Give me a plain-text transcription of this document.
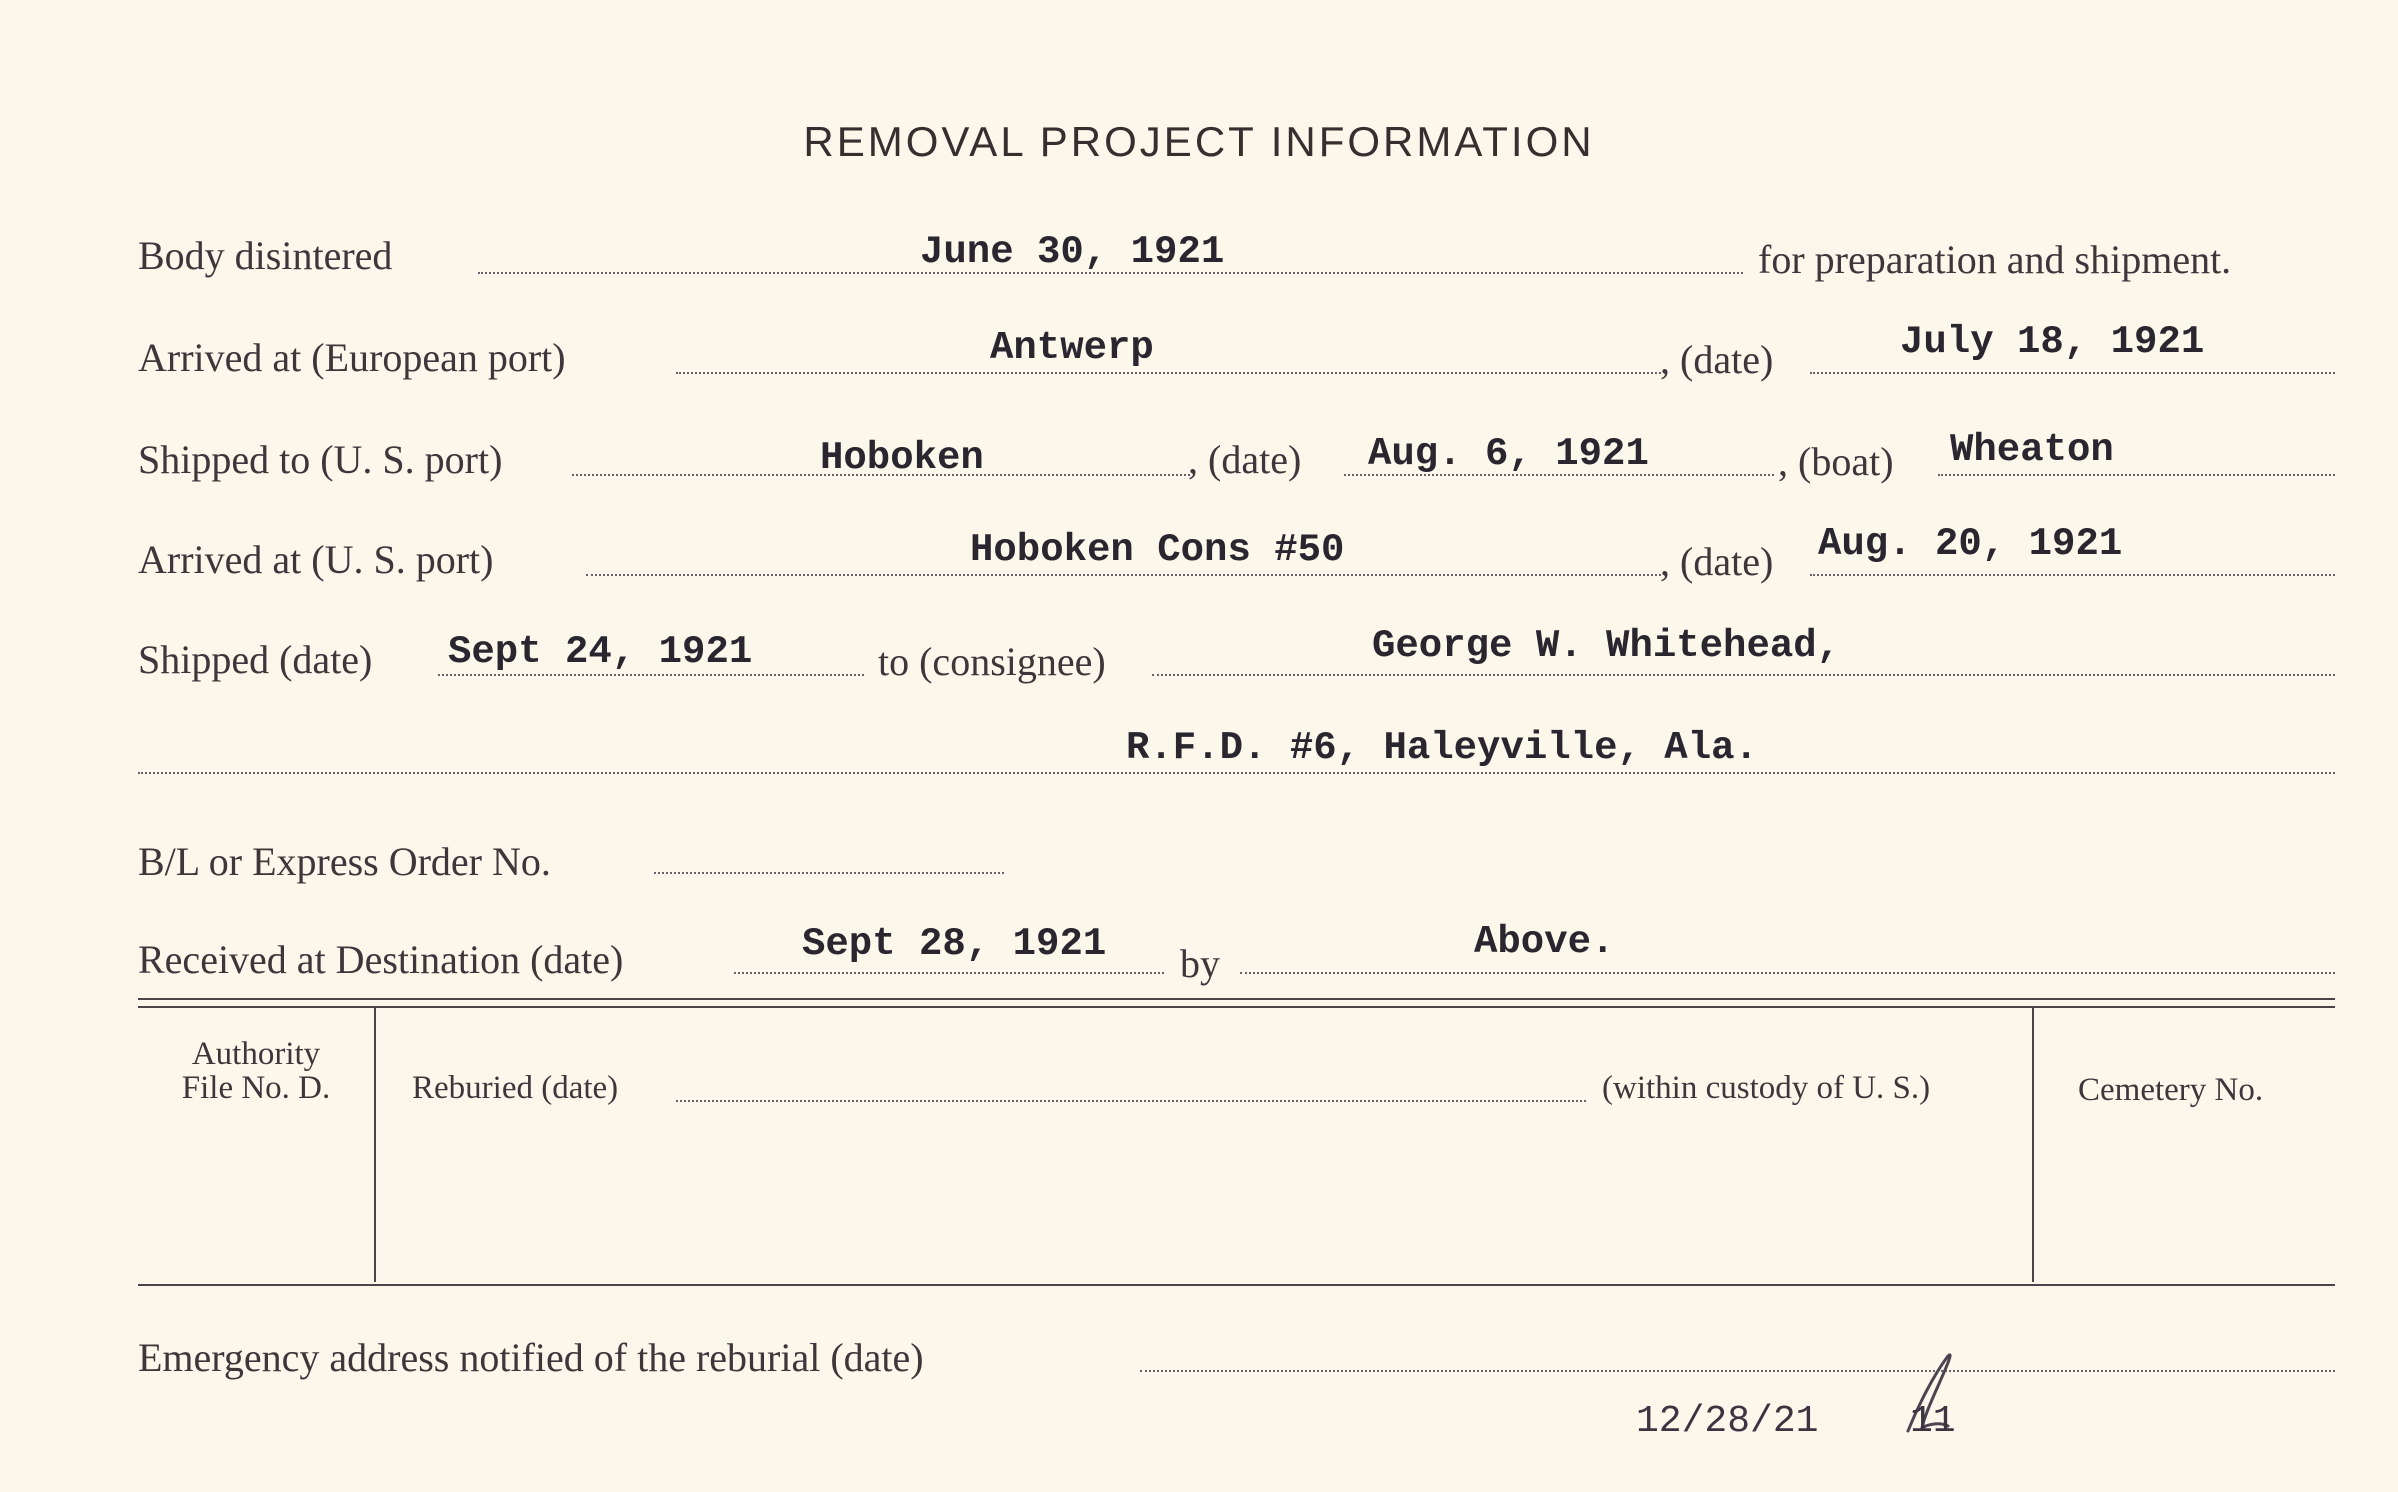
REMOVAL PROJECT INFORMATION
Body disintered	June 30, 1921	for preparation and shipment.
Arrived at (European port)	Antwerp	, (date)	July 18, 1921
Shipped to (U. S. port)	Hoboken	, (date) Aug. 6, 1921	, (boat) Wheaton
Arrived at (U. S. port)	Hoboken Cons #50	, (date) Aug. 20, 1921
Shipped (date) Sept 24, 1921	to (consignee)	George W. Whitehead,
R.F.D. #6, Haleyville, Ala.
B/L or Express Order No.
Received at Destination (date)	Sept 28, 1921 by	Above.
Authority
File No. D.	Reburied (date)	(within custody of U. S.)	Cemetery No.
Emergency address notified of the reburial (date)
12/28/21 11
